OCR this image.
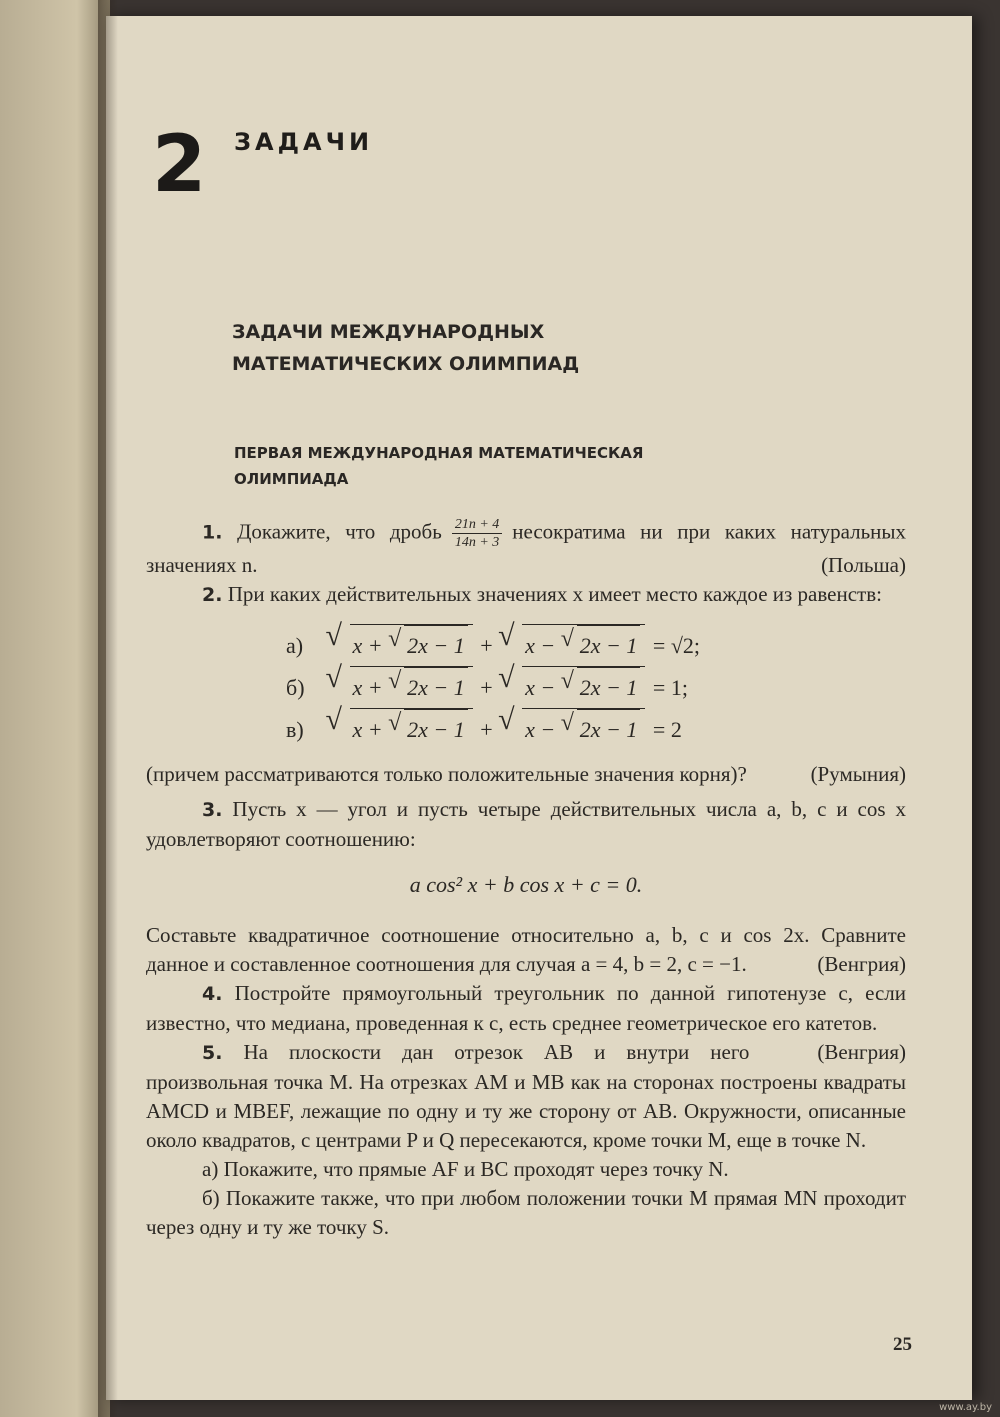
2 ЗАДАЧИ
ЗАДАЧИ МЕЖДУНАРОДНЫХ МАТЕМАТИЧЕСКИХ ОЛИМПИАД
ПЕРВАЯ МЕЖДУНАРОДНАЯ МАТЕМАТИЧЕСКАЯ ОЛИМПИАДА

1. Докажите, что дробь $\frac{21n + 4}{14n + 3}$ несократима ни при каких натуральных значениях n.	(Польша)

2. При каких действительных значениях x имеет место каждое из равенств:

а) √ x + √ 2x − 1 + √ x − √ 2x − 1 = √2;
б) √ x + √ 2x − 1 + √ x − √ 2x − 1 = 1;
в) √ x + √ 2x − 1 + √ x − √ 2x − 1 = 2

(причем рассматриваются только положительные значения корня)?	(Румыния)

3. Пусть x — угол и пусть четыре действительных числа a, b, c и cos x удовлетворяют соотношению:

a cos² x + b cos x + c = 0.

Составьте квадратичное соотношение относительно a, b, c и cos 2x. Сравните данное и составленное соотношения для случая a = 4, b = 2, c = −1.	(Венгрия)

4. Постройте прямоугольный треугольник по данной гипотенузе c, если известно, что медиана, проведенная к c, есть среднее геометрическое его катетов.
(Венгрия)

5. На плоскости дан отрезок AB и внутри него произвольная точка M. На отрезках AM и MB как на сторонах построены квадраты AMCD и MBEF, лежащие по одну и ту же сторону от AB. Окружности, описанные около квадратов, с центрами P и Q пересекаются, кроме точки M, еще в точке N.

а) Покажите, что прямые AF и BC проходят через точку N.

б) Покажите также, что при любом положении точки M прямая MN проходит через одну и ту же точку S.

25
www.ay.by
